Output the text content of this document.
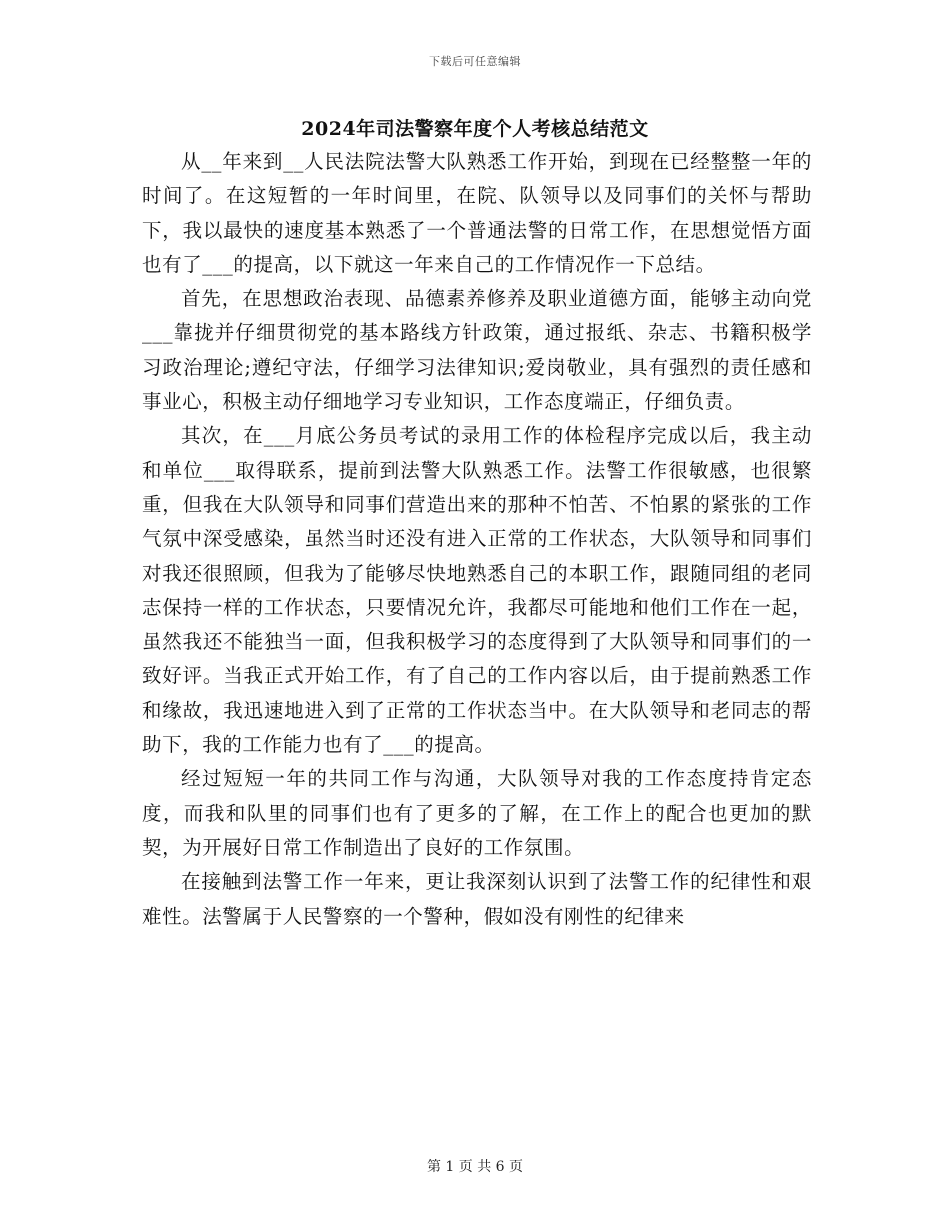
下载后可任意编辑
2024年司法警察年度个人考核总结范文

从__年来到__人民法院法警大队熟悉工作开始，到现在已经整整一年的时间了。在这短暂的一年时间里，在院、队领导以及同事们的关怀与帮助下，我以最快的速度基本熟悉了一个普通法警的日常工作，在思想觉悟方面也有了___的提高，以下就这一年来自己的工作情况作一下总结。

首先，在思想政治表现、品德素养修养及职业道德方面，能够主动向党___靠拢并仔细贯彻党的基本路线方针政策，通过报纸、杂志、书籍积极学习政治理论;遵纪守法，仔细学习法律知识;爱岗敬业，具有强烈的责任感和事业心，积极主动仔细地学习专业知识，工作态度端正，仔细负责。

其次，在___月底公务员考试的录用工作的体检程序完成以后，我主动和单位___取得联系，提前到法警大队熟悉工作。法警工作很敏感，也很繁重，但我在大队领导和同事们营造出来的那种不怕苦、不怕累的紧张的工作气氛中深受感染，虽然当时还没有进入正常的工作状态，大队领导和同事们对我还很照顾，但我为了能够尽快地熟悉自己的本职工作，跟随同组的老同志保持一样的工作状态，只要情况允许，我都尽可能地和他们工作在一起，虽然我还不能独当一面，但我积极学习的态度得到了大队领导和同事们的一致好评。当我正式开始工作，有了自己的工作内容以后，由于提前熟悉工作和缘故，我迅速地进入到了正常的工作状态当中。在大队领导和老同志的帮助下，我的工作能力也有了___的提高。

经过短短一年的共同工作与沟通，大队领导对我的工作态度持肯定态度，而我和队里的同事们也有了更多的了解，在工作上的配合也更加的默契，为开展好日常工作制造出了良好的工作氛围。

在接触到法警工作一年来，更让我深刻认识到了法警工作的纪律性和艰难性。法警属于人民警察的一个警种，假如没有刚性的纪律来

第 1 页 共 6 页
